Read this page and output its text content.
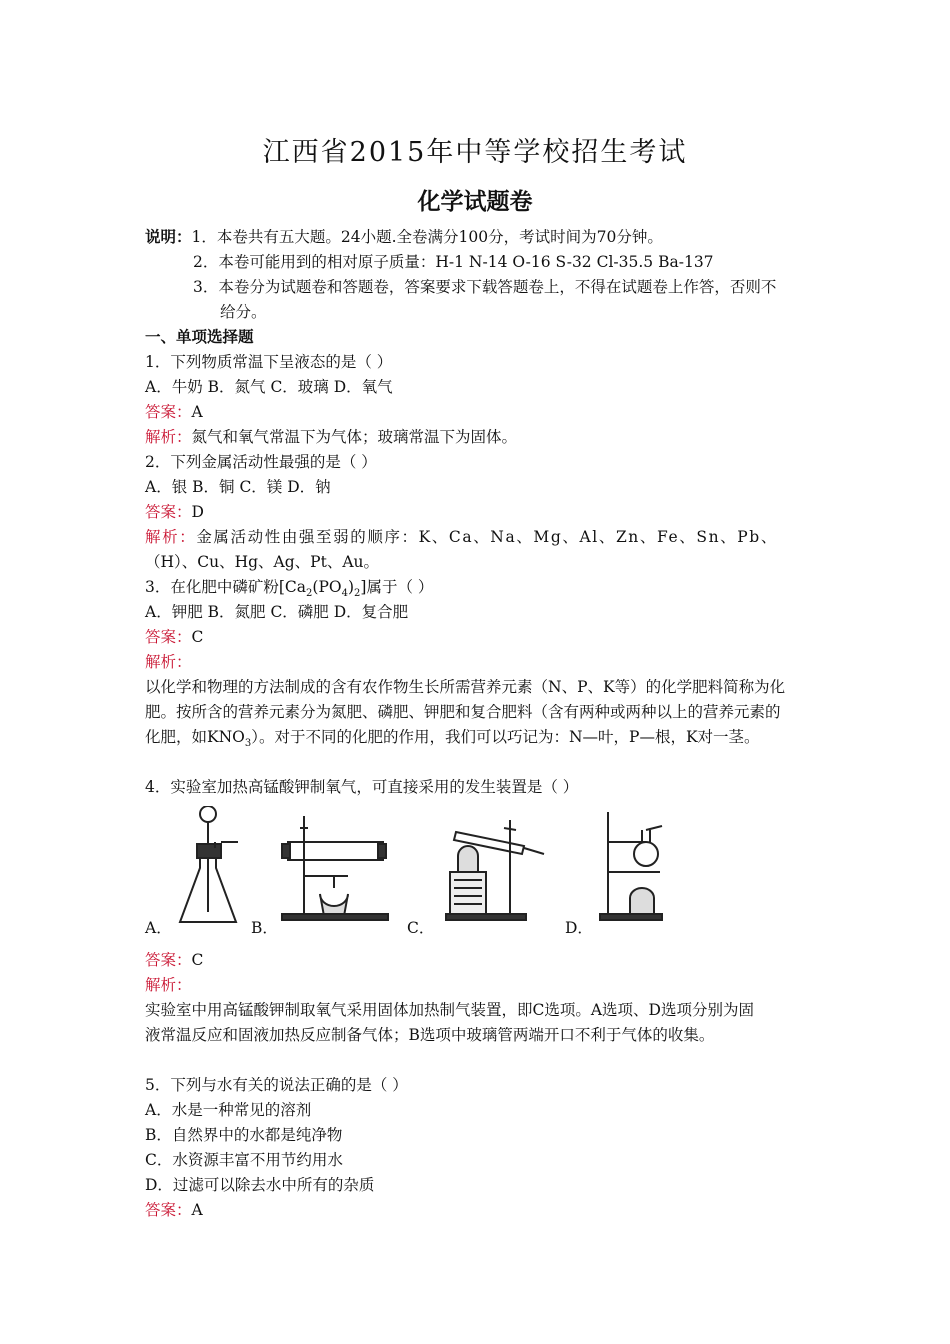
江西省2015年中等学校招生考试
化学试题卷
说明：1．本卷共有五大题。24小题.全卷满分100分，考试时间为70分钟。
2．本卷可能用到的相对原子质量：H-1 N-14 O-16 S-32 Cl-35.5 Ba-137
3．本卷分为试题卷和答题卷，答案要求下载答题卷上，不得在试题卷上作答，否则不
给分。
一、单项选择题
1．下列物质常温下呈液态的是（ ）
A．牛奶 B．氮气 C．玻璃 D．氧气
答案：A
解析：氮气和氧气常温下为气体；玻璃常温下为固体。
2．下列金属活动性最强的是（ ）
A．银 B．铜 C．镁 D．钠
答案：D
解析：金属活动性由强至弱的顺序：K、Ca、Na、Mg、Al、Zn、Fe、Sn、Pb、
（H）、Cu、Hg、Ag、Pt、Au。
3．在化肥中磷矿粉$[Ca_2(PO_4)_2]$属于（ ）
A．钾肥 B．氮肥 C．磷肥 D．复合肥
答案：C
解析：
以化学和物理的方法制成的含有农作物生长所需营养元素（N、P、K等）的化学肥料简称为化
肥。按所含的营养元素分为氮肥、磷肥、钾肥和复合肥料（含有两种或两种以上的营养元素的
化肥，如$KNO_3$）。对于不同的化肥的作用，我们可以巧记为：N—叶，P—根，K对一茎。
4．实验室加热高锰酸钾制氧气，可直接采用的发生装置是（ ）
A．	B．	C．	D．
答案：C
解析：
实验室中用高锰酸钾制取氧气采用固体加热制气装置，即C选项。A选项、D选项分别为固
液常温反应和固液加热反应制备气体；B选项中玻璃管两端开口不利于气体的收集。
5．下列与水有关的说法正确的是（ ）
A．水是一种常见的溶剂
B．自然界中的水都是纯净物
C．水资源丰富不用节约用水
D．过滤可以除去水中所有的杂质
答案：A
